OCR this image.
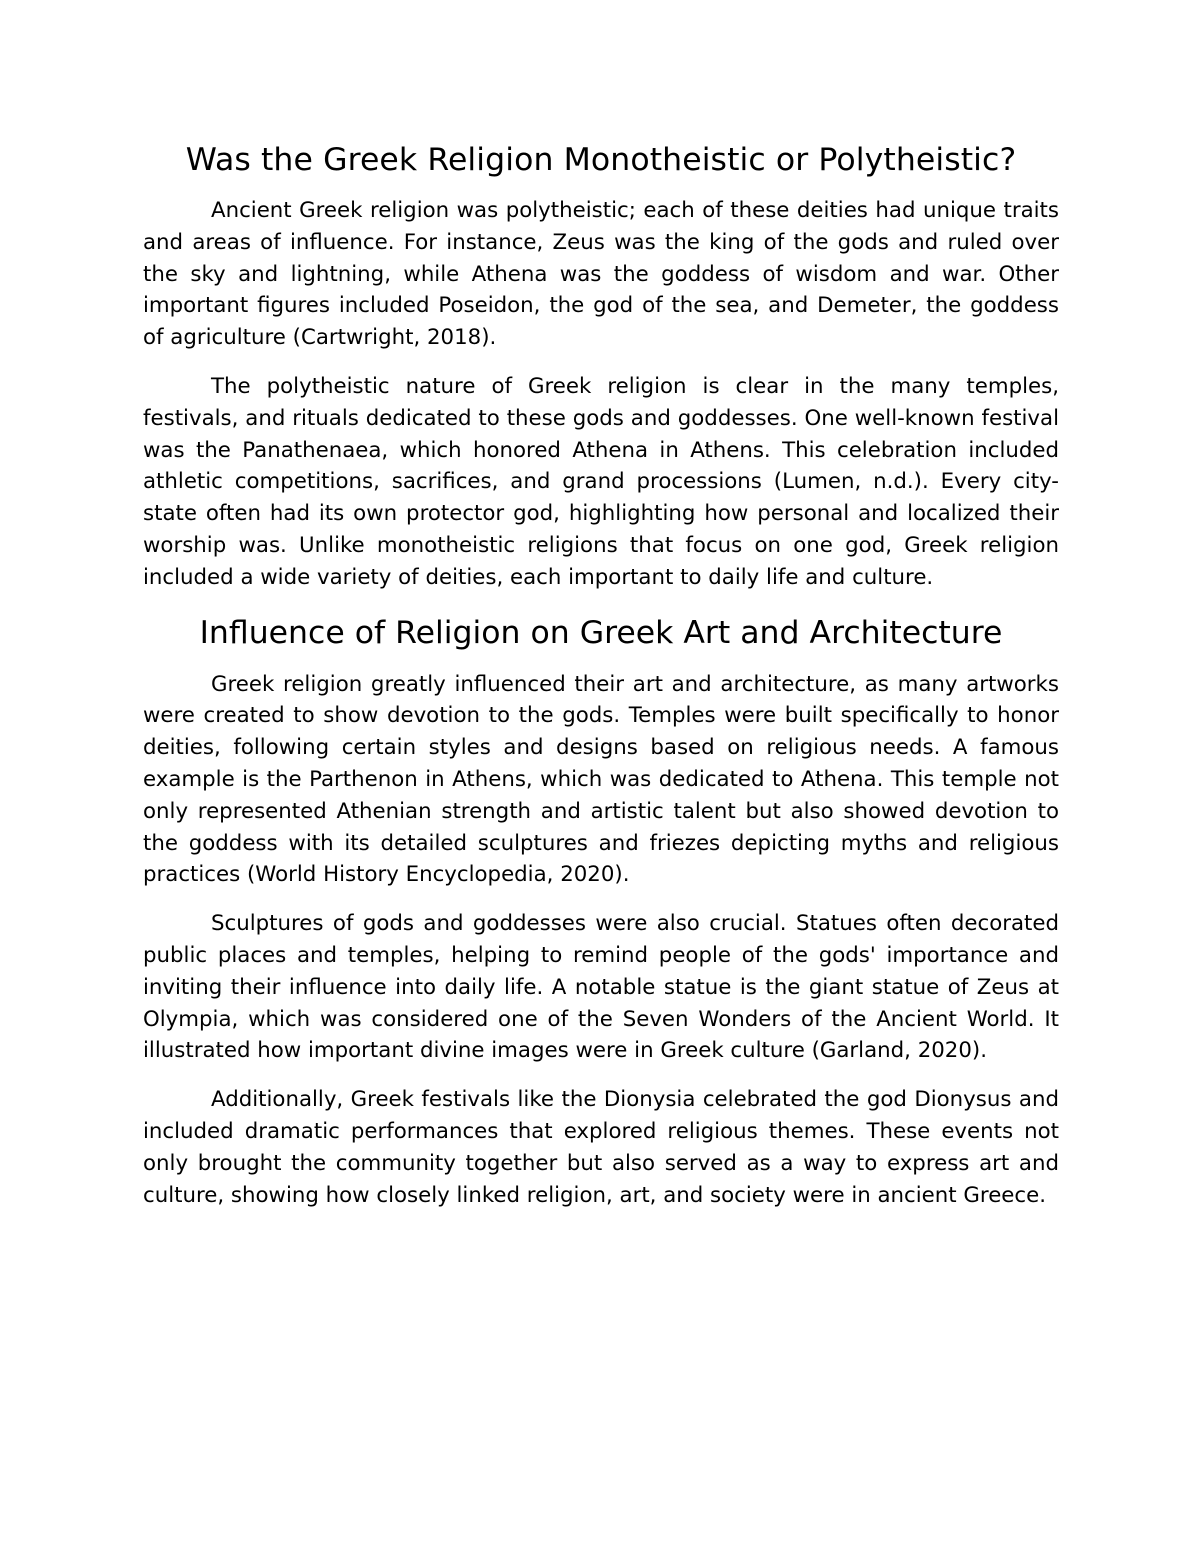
Was the Greek Religion Monotheistic or Polytheistic?

Ancient Greek religion was polytheistic; each of these deities had unique traits and areas of influence. For instance, Zeus was the king of the gods and ruled over the sky and lightning, while Athena was the goddess of wisdom and war. Other important figures included Poseidon, the god of the sea, and Demeter, the goddess of agriculture (Cartwright, 2018).

The polytheistic nature of Greek religion is clear in the many temples, festivals, and rituals dedicated to these gods and goddesses. One well-known festival was the Panathenaea, which honored Athena in Athens. This celebration included athletic competitions, sacrifices, and grand processions (Lumen, n.d.). Every city-state often had its own protector god, highlighting how personal and localized their worship was. Unlike monotheistic religions that focus on one god, Greek religion included a wide variety of deities, each important to daily life and culture.

Influence of Religion on Greek Art and Architecture

Greek religion greatly influenced their art and architecture, as many artworks were created to show devotion to the gods. Temples were built specifically to honor deities, following certain styles and designs based on religious needs. A famous example is the Parthenon in Athens, which was dedicated to Athena. This temple not only represented Athenian strength and artistic talent but also showed devotion to the goddess with its detailed sculptures and friezes depicting myths and religious practices (World History Encyclopedia, 2020).

Sculptures of gods and goddesses were also crucial. Statues often decorated public places and temples, helping to remind people of the gods' importance and inviting their influence into daily life. A notable statue is the giant statue of Zeus at Olympia, which was considered one of the Seven Wonders of the Ancient World. It illustrated how important divine images were in Greek culture (Garland, 2020).

Additionally, Greek festivals like the Dionysia celebrated the god Dionysus and included dramatic performances that explored religious themes. These events not only brought the community together but also served as a way to express art and culture, showing how closely linked religion, art, and society were in ancient Greece.
